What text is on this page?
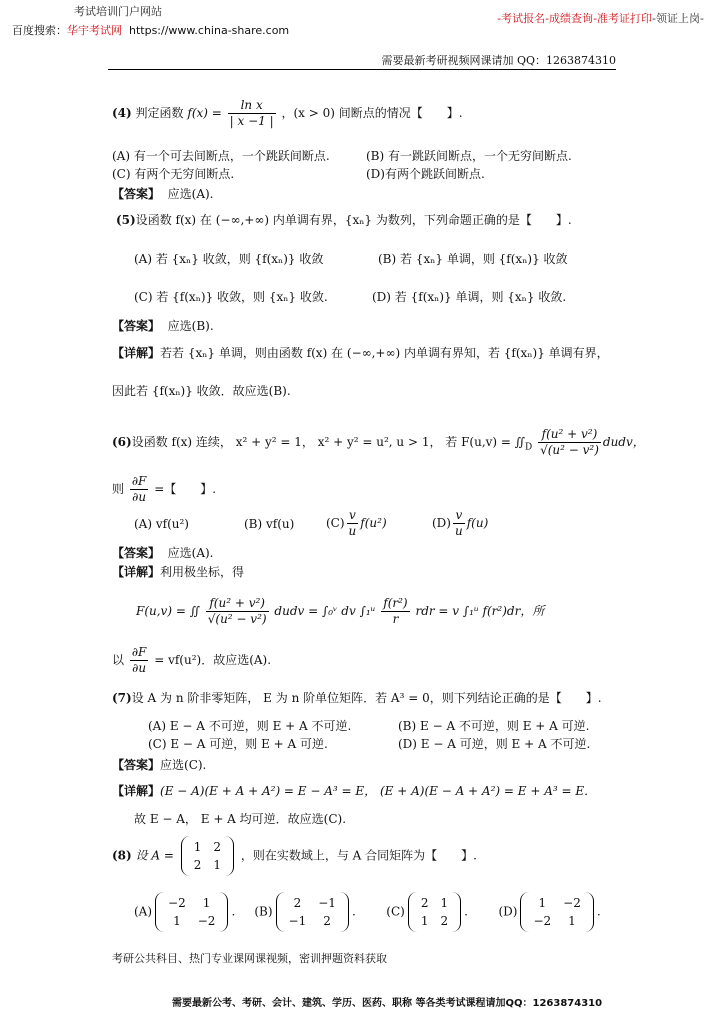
考试培训门户网站
百度搜索：华宇考试网 https://www.china-share.com
-考试报名-成绩查询-准考证打印-领证上岗-
需要最新考研视频网课请加 QQ：1263874310
(4) 判定函数 $f(x) = \frac{\text{ln x}}{| x -1 |}$ ，(x > 0) 间断点的情况【　　】.
(A) 有一个可去间断点，一个跳跃间断点.	(B) 有一跳跃间断点，一个无穷间断点.
(C) 有两个无穷间断点.	(D)有两个跳跃间断点.
【答案】 应选(A).
(5)设函数 f(x) 在 (−∞,+∞) 内单调有界，{xₙ} 为数列，下列命题正确的是【　　】.
(A) 若 {xₙ} 收敛，则 {f(xₙ)} 收敛	(B) 若 {xₙ} 单调，则 {f(xₙ)} 收敛
(C) 若 {f(xₙ)} 收敛，则 {xₙ} 收敛.	(D) 若 {f(xₙ)} 单调，则 {xₙ} 收敛.
【答案】 应选(B).
【详解】若若 {xₙ} 单调，则由函数 f(x) 在 (−∞,+∞) 内单调有界知，若 {f(xₙ)} 单调有界，
因此若 {f(xₙ)} 收敛．故应选(B).
(6)设函数 f(x) 连续， x² + y² = 1， x² + y² = u², u > 1， 若 $F(u,v) = ∬_D \frac{\text{f(u² + v²)}}{\text{√(u² − v²)}}$ dudv，
则 $\frac{\partial F}{\partial u}$ =【　　】.
(A) vf(u²)	(B) vf(u)	$(C) \frac{v}{u} f(u^2)$	$(D) \frac{v}{u} f(u)$
【答案】 应选(A).
【详解】利用极坐标，得
F(u,v) = ∬ $\frac{\text{f(u² + v²)}}{\text{√(u² − v²)}}$ dudv = ∫₀ᵛ dv ∫₁ᵘ $\frac{\text{f(r²)}}{r}$ rdr = v ∫₁ᵘ f(r²)dr，所
以 $\frac{\partial F}{\partial u} = vf(u^2)$．故应选(A).
(7)设 A 为 n 阶非零矩阵， E 为 n 阶单位矩阵．若 A³ = 0，则下列结论正确的是【　　】.
(A) E − A 不可逆，则 E + A 不可逆.	(B) E − A 不可逆，则 E + A 可逆.
(C) E − A 可逆，则 E + A 可逆.	(D) E − A 可逆，则 E + A 不可逆.
【答案】应选(C).
【详解】(E − A)(E + A + A²) = E − A³ = E， (E + A)(E − A + A²) = E + A³ = E．
故 E − A， E + A 均可逆．故应选(C).
(8) 设 A =
1	2
2	1
，则在实数域上，与 A 合同矩阵为【　　】.
(A)
−2	1
1	−2
. (B)
2	−1
−1	2
.	(C)
2	1
1	2
.	(D)
1	−2
−2	1
.
考研公共科目、热门专业课网课视频，密训押题资料获取
需要最新公考、考研、会计、建筑、学历、医药、职称 等各类考试课程请加QQ：1263874310
